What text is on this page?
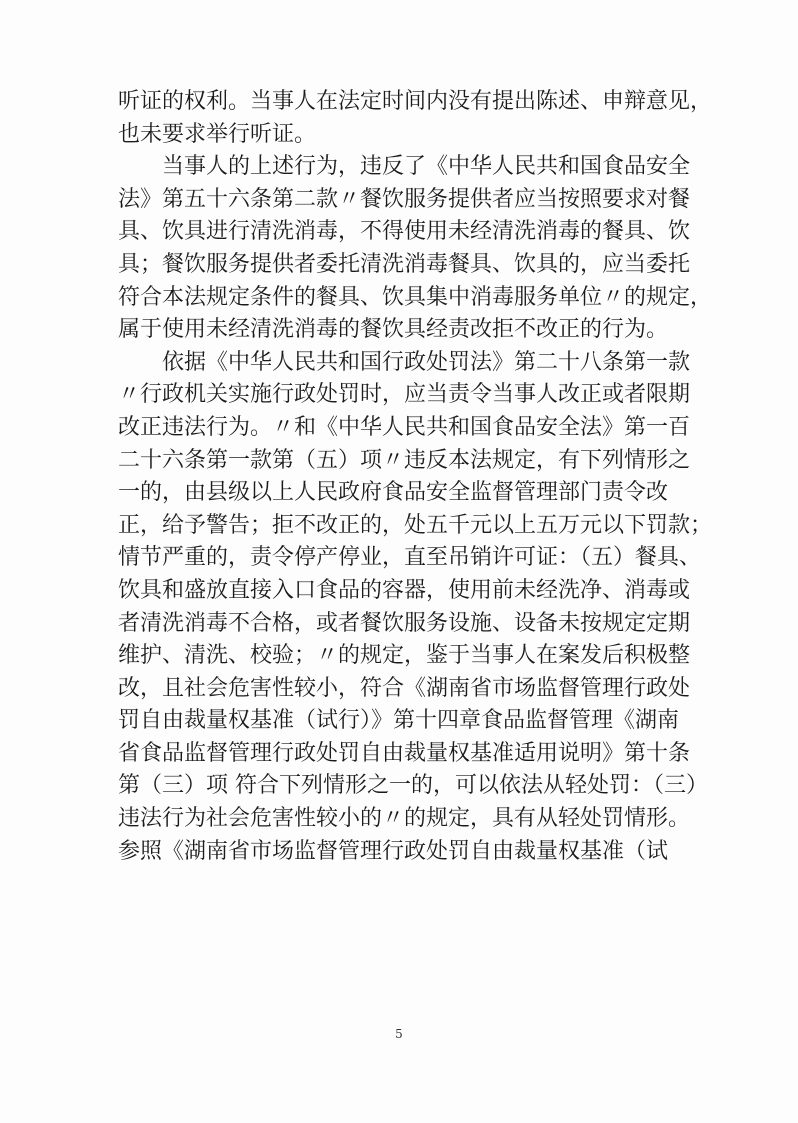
听证的权利。当事人在法定时间内没有提出陈述、申辩意见，
也未要求举行听证。
当事人的上述行为，违反了《中华人民共和国食品安全
法》第五十六条第二款〃餐饮服务提供者应当按照要求对餐
具、饮具进行清洗消毒，不得使用未经清洗消毒的餐具、饮
具；餐饮服务提供者委托清洗消毒餐具、饮具的，应当委托
符合本法规定条件的餐具、饮具集中消毒服务单位〃的规定，
属于使用未经清洗消毒的餐饮具经责改拒不改正的行为。
依据《中华人民共和国行政处罚法》第二十八条第一款
〃行政机关实施行政处罚时，应当责令当事人改正或者限期
改正违法行为。〃和《中华人民共和国食品安全法》第一百
二十六条第一款第（五）项〃违反本法规定，有下列情形之
一的，由县级以上人民政府食品安全监督管理部门责令改
正，给予警告；拒不改正的，处五千元以上五万元以下罚款；
情节严重的，责令停产停业，直至吊销许可证：（五）餐具、
饮具和盛放直接入口食品的容器，使用前未经洗净、消毒或
者清洗消毒不合格，或者餐饮服务设施、设备未按规定定期
维护、清洗、校验；〃的规定，鉴于当事人在案发后积极整
改，且社会危害性较小，符合《湖南省市场监督管理行政处
罚自由裁量权基准（试行）》第十四章食品监督管理《湖南
省食品监督管理行政处罚自由裁量权基准适用说明》第十条
第（三）项 符合下列情形之一的，可以依法从轻处罚：（三）
违法行为社会危害性较小的〃的规定，具有从轻处罚情形。
参照《湖南省市场监督管理行政处罚自由裁量权基准（试
5
